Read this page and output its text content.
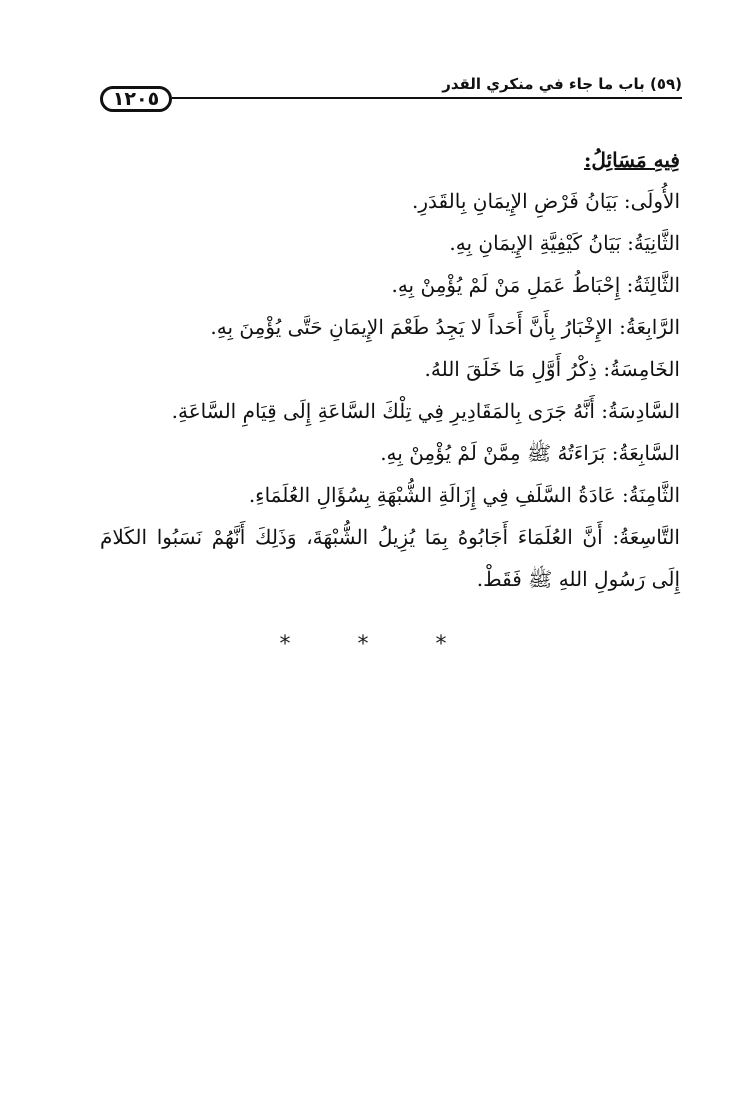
(٥٩) باب ما جاء في منكري القدر
١٢٠٥
فِيهِ مَسَائِلُ:
الأُولَى: بَيَانُ فَرْضِ الإِيمَانِ بِالقَدَرِ.
الثَّانِيَةُ: بَيَانُ كَيْفِيَّةِ الإِيمَانِ بِهِ.
الثَّالِثَةُ: إِحْبَاطُ عَمَلِ مَنْ لَمْ يُؤْمِنْ بِهِ.
الرَّابِعَةُ: الإِخْبَارُ بِأَنَّ أَحَداً لا يَجِدُ طَعْمَ الإِيمَانِ حَتَّى يُؤْمِنَ بِهِ.
الخَامِسَةُ: ذِكْرُ أَوَّلِ مَا خَلَقَ اللهُ.
السَّادِسَةُ: أَنَّهُ جَرَى بِالمَقَادِيرِ فِي تِلْكَ السَّاعَةِ إِلَى قِيَامِ السَّاعَةِ.
السَّابِعَةُ: بَرَاءَتُهُ ﷺ مِمَّنْ لَمْ يُؤْمِنْ بِهِ.
الثَّامِنَةُ: عَادَةُ السَّلَفِ فِي إِزَالَةِ الشُّبْهَةِ بِسُؤَالِ العُلَمَاءِ.
التَّاسِعَةُ: أَنَّ العُلَمَاءَ أَجَابُوهُ بِمَا يُزِيلُ الشُّبْهَةَ، وَذَلِكَ أَنَّهُمْ نَسَبُوا الكَلامَ إِلَى رَسُولِ اللهِ ﷺ فَقَطْ.
* * *
